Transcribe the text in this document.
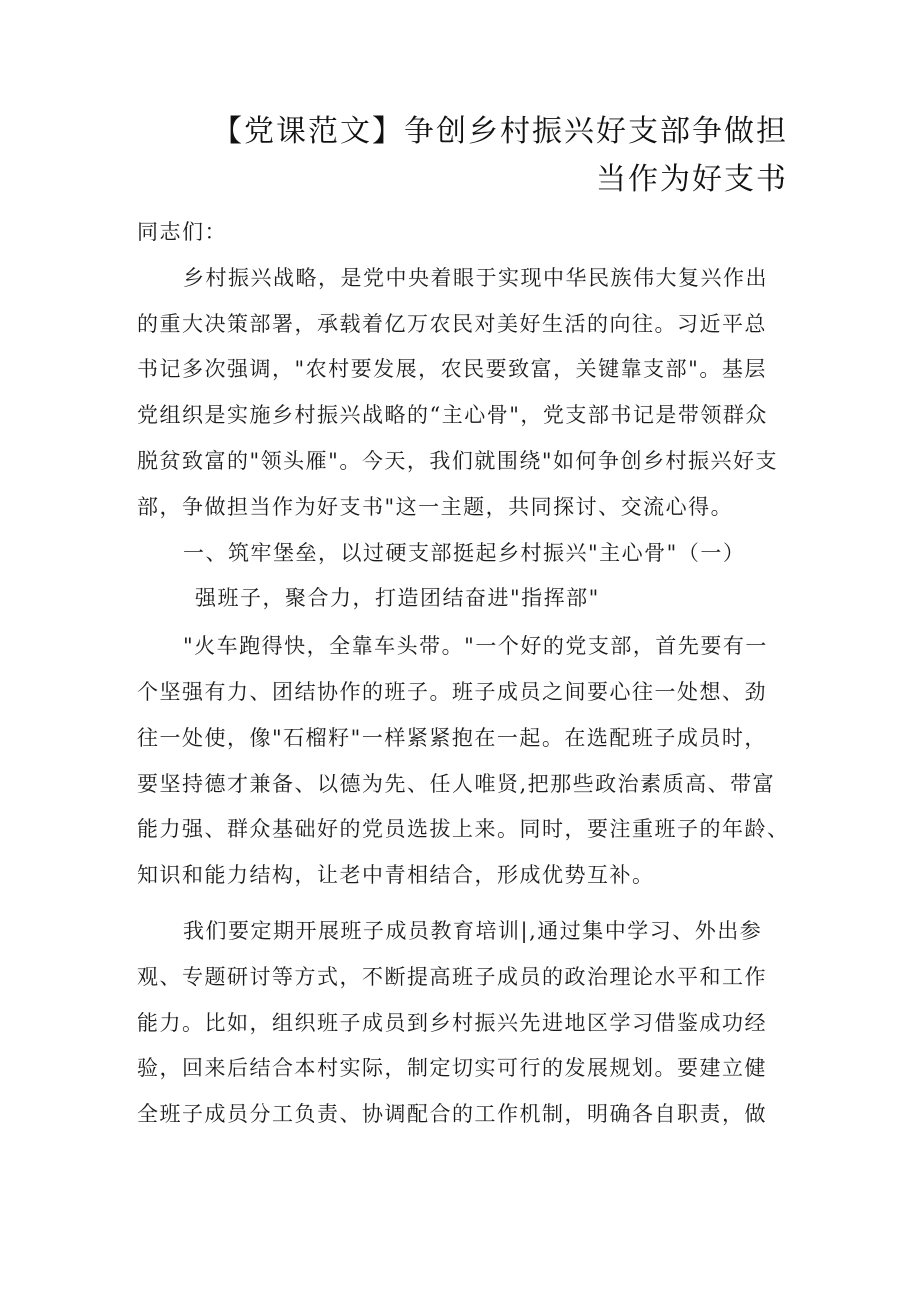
【党课范文】争创乡村振兴好支部争做担
当作为好支书
同志们：
乡村振兴战略，是党中央着眼于实现中华民族伟大复兴作出
的重大决策部署，承载着亿万农民对美好生活的向往。习近平总
书记多次强调，"农村要发展，农民要致富，关键靠支部"。基层
党组织是实施乡村振兴战略的“主心骨"，党支部书记是带领群众
脱贫致富的"领头雁"。今天，我们就围绕"如何争创乡村振兴好支
部，争做担当作为好支书"这一主题，共同探讨、交流心得。
一、筑牢堡垒，以过硬支部挺起乡村振兴"主心骨"（一）
强班子，聚合力，打造团结奋进"指挥部"
"火车跑得快，全靠车头带。"一个好的党支部，首先要有一
个坚强有力、团结协作的班子。班子成员之间要心往一处想、劲
往一处使，像"石榴籽"一样紧紧抱在一起。在选配班子成员时，
要坚持德才兼备、以德为先、任人唯贤,把那些政治素质高、带富
能力强、群众基础好的党员选拔上来。同时，要注重班子的年龄、
知识和能力结构，让老中青相结合，形成优势互补。
我们要定期开展班子成员教育培训|,通过集中学习、外出参
观、专题研讨等方式，不断提高班子成员的政治理论水平和工作
能力。比如，组织班子成员到乡村振兴先进地区学习借鉴成功经
验，回来后结合本村实际，制定切实可行的发展规划。要建立健
全班子成员分工负责、协调配合的工作机制，明确各自职责，做
